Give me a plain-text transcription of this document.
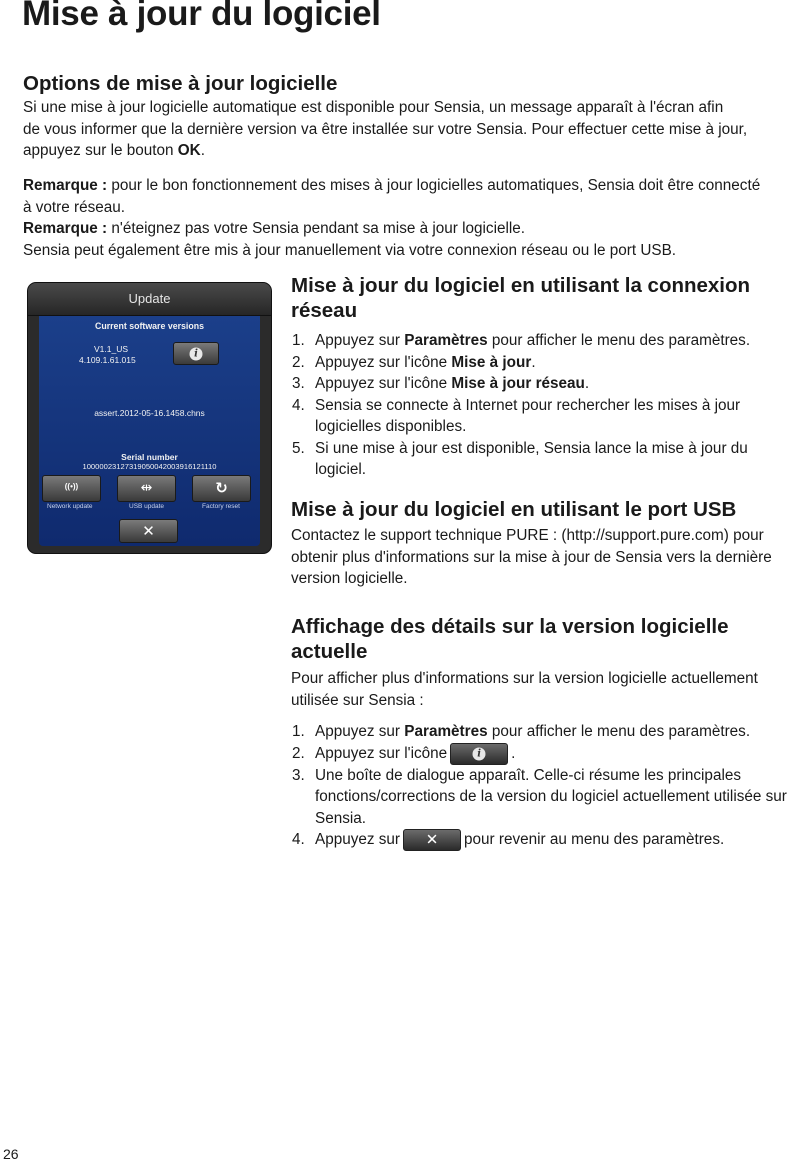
Mise à jour du logiciel
Options de mise à jour logicielle

Si une mise à jour logicielle automatique est disponible pour Sensia, un message apparaît à l'écran afin
de vous informer que la dernière version va être installée sur votre Sensia. Pour effectuer cette mise à jour,
appuyez sur le bouton OK.

Remarque : pour le bon fonctionnement des mises à jour logicielles automatiques, Sensia doit être connecté
à votre réseau.
Remarque : n'éteignez pas votre Sensia pendant sa mise à jour logicielle.
Sensia peut également être mis à jour manuellement via votre connexion réseau ou le port USB.

Update
Current software versions
V1.1_US
4.109.1.61.015
i
assert.2012-05-16.1458.chns
Serial number
10000023127319050042003916121110
((•))
Network update
⇹
USB update
↻
Factory reset
✕
Mise à jour du logiciel en utilisant la connexion
réseau
1. Appuyez sur Paramètres pour afficher le menu des paramètres.
2. Appuyez sur l'icône Mise à jour.
3. Appuyez sur l'icône Mise à jour réseau.
4. Sensia se connecte à Internet pour rechercher les mises à jour logicielles disponibles.
5. Si une mise à jour est disponible, Sensia lance la mise à jour du logiciel.
Mise à jour du logiciel en utilisant le port USB

Contactez le support technique PURE : (http://support.pure.com) pour obtenir plus d'informations sur la mise à jour de Sensia vers la dernière version logicielle.

Affichage des détails sur la version logicielle
actuelle

Pour afficher plus d'informations sur la version logicielle actuellement utilisée sur Sensia :

1. Appuyez sur Paramètres pour afficher le menu des paramètres.
2. Appuyez sur l'icône	i	.
3. Une boîte de dialogue apparaît. Celle-ci résume les principales fonctions/corrections de la version du logiciel actuellement utilisée sur Sensia.
4. Appuyez sur ✕ pour revenir au menu des paramètres.
26
